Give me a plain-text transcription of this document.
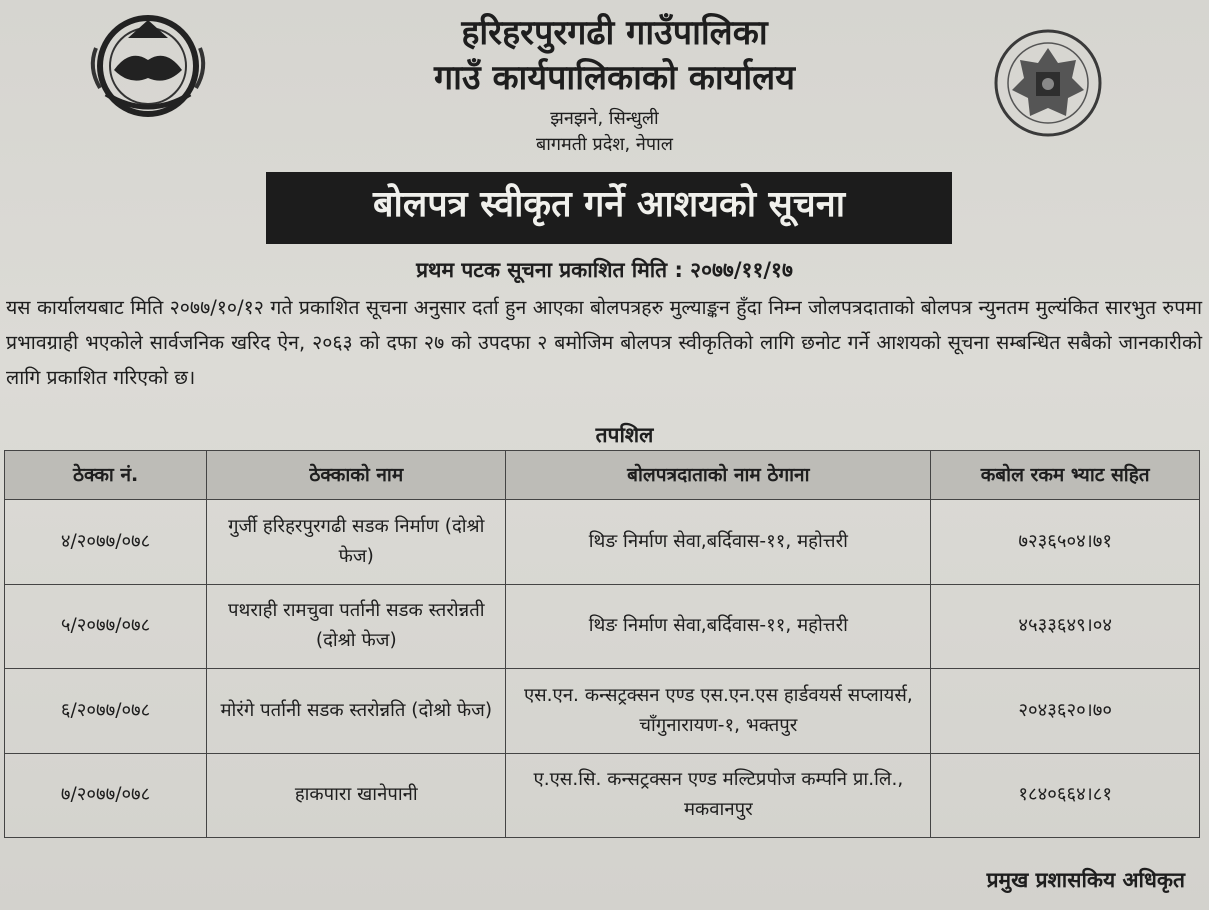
हरिहरपुरगढी गाउँपालिका
गाउँ कार्यपालिकाको कार्यालय
झनझने, सिन्धुली
बागमती प्रदेश, नेपाल
बोलपत्र स्वीकृत गर्ने आशयको सूचना
प्रथम पटक सूचना प्रकाशित मिति : २०७७/११/१७
यस कार्यालयबाट मिति २०७७/१०/१२ गते प्रकाशित सूचना अनुसार दर्ता हुन आएका बोलपत्रहरु मुल्याङ्कन हुँदा निम्न जोलपत्रदाताको बोलपत्र न्युनतम मुल्यंकित सारभुत रुपमा प्रभावग्राही भएकोले सार्वजनिक खरिद ऐन, २०६३ को दफा २७ को उपदफा २ बमोजिम बोलपत्र स्वीकृतिको लागि छनोट गर्ने आशयको सूचना सम्बन्धित सबैको जानकारीको लागि प्रकाशित गरिएको छ।
तपशिल
ठेक्का नं.	ठेक्काको नाम	बोलपत्रदाताको नाम ठेगाना	कबोल रकम भ्याट सहित
४/२०७७/०७८	गुर्जी हरिहरपुरगढी सडक निर्माण (दोश्रो फेज)	थिङ निर्माण सेवा,बर्दिवास-११, महोत्तरी	७२३६५०४।७१
५/२०७७/०७८	पथराही रामचुवा पर्तानी सडक स्तरोन्नती (दोश्रो फेज)	थिङ निर्माण सेवा,बर्दिवास-११, महोत्तरी	४५३३६४९।०४
६/२०७७/०७८	मोरंगे पर्तानी सडक स्तरोन्नति (दोश्रो फेज)	एस.एन. कन्सट्रक्सन एण्ड एस.एन.एस हार्डवयर्स सप्लायर्स, चाँगुनारायण-१, भक्तपुर	२०४३६२०।७०
७/२०७७/०७८	हाकपारा खानेपानी	ए.एस.सि. कन्सट्रक्सन एण्ड मल्टिप्रपोज कम्पनि प्रा.लि., मकवानपुर	१८४०६६४।८१
प्रमुख प्रशासकिय अधिकृत
